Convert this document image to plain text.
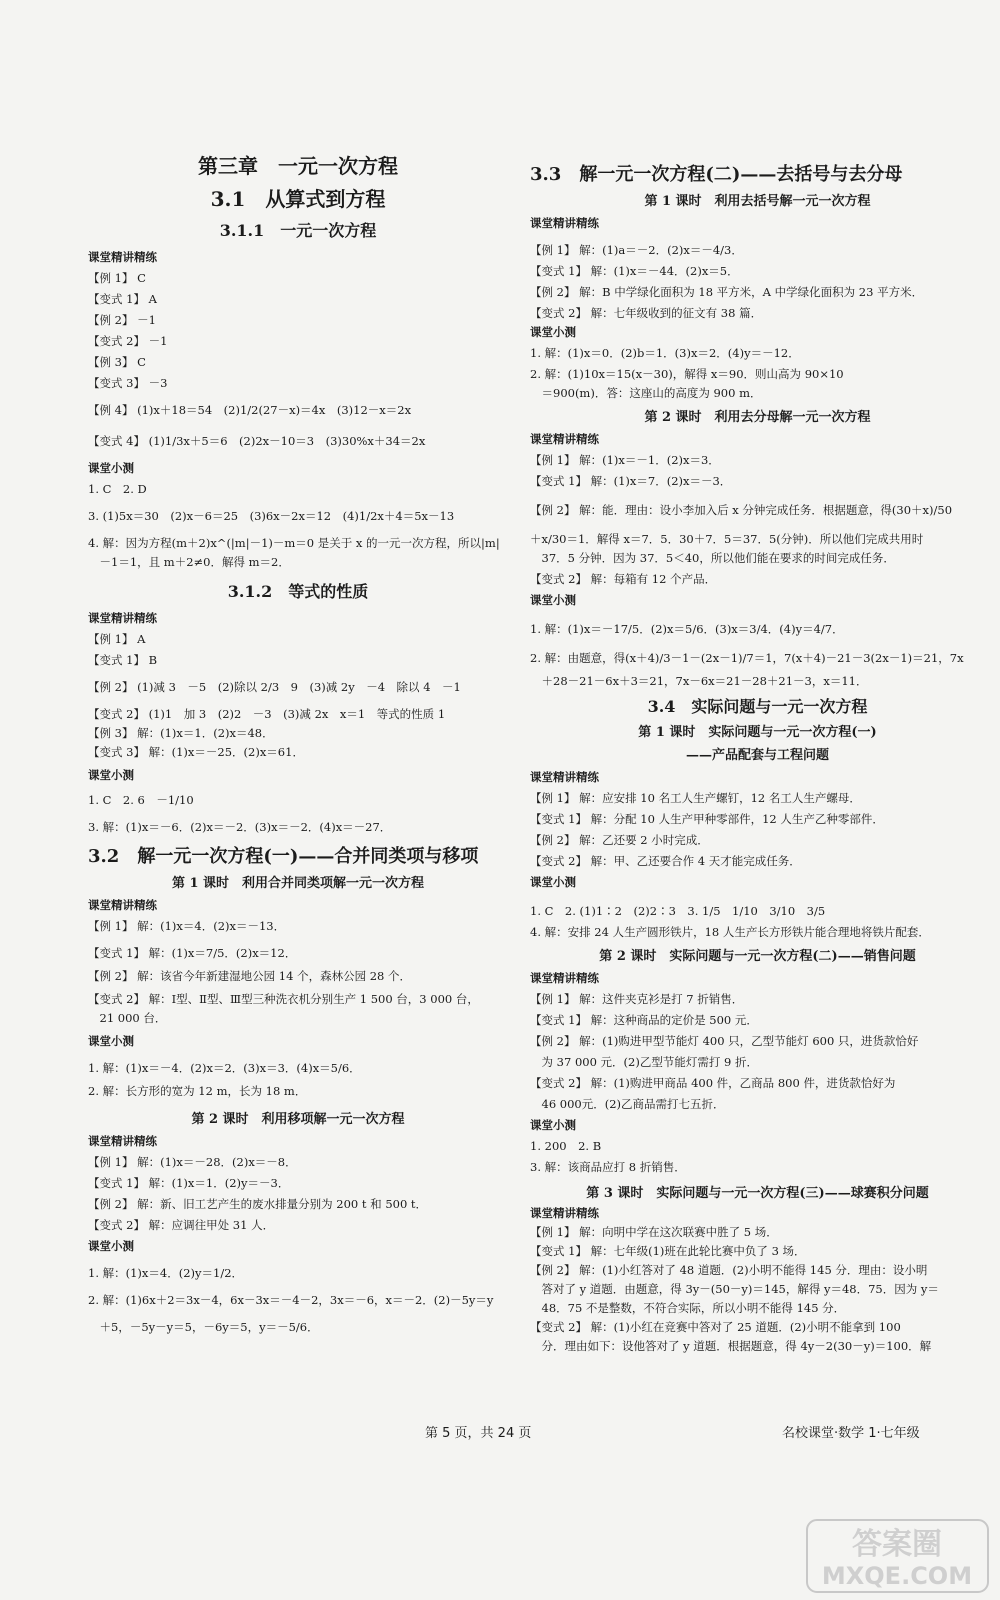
第三章　一元一次方程
3.1　从算式到方程
3.1.1　一元一次方程
课堂精讲精练
【例 1】 C
【变式 1】 A
【例 2】 －1
【变式 2】 －1
【例 3】 C
【变式 3】 －3
【例 4】 (1)x＋18＝54　(2)1/2(27－x)＝4x　(3)12－x＝2x
【变式 4】 (1)1/3x＋5＝6　(2)2x－10＝3　(3)30%x＋34＝2x
课堂小测
1. C　2. D
3. (1)5x＝30　(2)x－6＝25　(3)6x－2x＝12　(4)1/2x＋4＝5x－13
4. 解：因为方程(m＋2)x^(|m|－1)－m＝0 是关于 x 的一元一次方程，所以|m|
　－1＝1，且 m＋2≠0．解得 m＝2．
3.1.2　等式的性质
课堂精讲精练
【例 1】 A
【变式 1】 B
【例 2】 (1)减 3　－5　(2)除以 2/3　9　(3)减 2y　－4　除以 4　－1
【变式 2】 (1)1　加 3　(2)2　－3　(3)减 2x　x＝1　等式的性质 1
【例 3】 解：(1)x＝1．(2)x＝48．
【变式 3】 解：(1)x＝－25．(2)x＝61．
课堂小测
1. C　2. 6　－1/10
3. 解：(1)x＝－6．(2)x＝－2．(3)x＝－2．(4)x＝－27．
3.2　解一元一次方程(一)——合并同类项与移项
第 1 课时　利用合并同类项解一元一次方程
课堂精讲精练
【例 1】 解：(1)x＝4．(2)x＝－13．
【变式 1】 解：(1)x＝7/5．(2)x＝12．
【例 2】 解：该省今年新建湿地公园 14 个，森林公园 28 个．
【变式 2】 解：Ⅰ型、Ⅱ型、Ⅲ型三种洗衣机分别生产 1 500 台，3 000 台，
　21 000 台．
课堂小测
1. 解：(1)x＝－4．(2)x＝2．(3)x＝3．(4)x＝5/6．
2. 解：长方形的宽为 12 m，长为 18 m．
第 2 课时　利用移项解一元一次方程
课堂精讲精练
【例 1】 解：(1)x＝－28．(2)x＝－8．
【变式 1】 解：(1)x＝1．(2)y＝－3．
【例 2】 解：新、旧工艺产生的废水排量分别为 200 t 和 500 t．
【变式 2】 解：应调往甲处 31 人．
课堂小测
1. 解：(1)x＝4．(2)y＝1/2．
2. 解：(1)6x＋2＝3x－4，6x－3x＝－4－2，3x＝－6，x＝－2．(2)－5y＝y
　＋5，－5y－y＝5，－6y＝5，y＝－5/6．
3.3　解一元一次方程(二)——去括号与去分母
第 1 课时　利用去括号解一元一次方程
课堂精讲精练
【例 1】 解：(1)a＝－2．(2)x＝－4/3．
【变式 1】 解：(1)x＝－44．(2)x＝5．
【例 2】 解：B 中学绿化面积为 18 平方米，A 中学绿化面积为 23 平方米．
【变式 2】 解：七年级收到的征文有 38 篇．
课堂小测
1. 解：(1)x＝0．(2)b＝1．(3)x＝2．(4)y＝－12．
2. 解：(1)10x＝15(x－30)，解得 x＝90．则山高为 90×10
　＝900(m)．答：这座山的高度为 900 m．
第 2 课时　利用去分母解一元一次方程
课堂精讲精练
【例 1】 解：(1)x＝－1．(2)x＝3．
【变式 1】 解：(1)x＝7．(2)x＝－3．
【例 2】 解：能．理由：设小李加入后 x 分钟完成任务．根据题意，得(30＋x)/50
＋x/30＝1．解得 x＝7．5．30＋7．5＝37．5(分钟)．所以他们完成共用时
　37．5 分钟．因为 37．5＜40，所以他们能在要求的时间完成任务．
【变式 2】 解：每箱有 12 个产品．
课堂小测
1. 解：(1)x＝－17/5．(2)x＝5/6．(3)x＝3/4．(4)y＝4/7．
2. 解：由题意，得(x＋4)/3－1－(2x－1)/7＝1，7(x＋4)－21－3(2x－1)＝21，7x
　＋28－21－6x＋3＝21，7x－6x＝21－28＋21－3，x＝11．
3.4　实际问题与一元一次方程
第 1 课时　实际问题与一元一次方程(一)
——产品配套与工程问题
课堂精讲精练
【例 1】 解：应安排 10 名工人生产螺钉，12 名工人生产螺母．
【变式 1】 解：分配 10 人生产甲种零部件，12 人生产乙种零部件．
【例 2】 解：乙还要 2 小时完成．
【变式 2】 解：甲、乙还要合作 4 天才能完成任务．
课堂小测
1. C　2. (1)1∶2　(2)2∶3　3. 1/5　1/10　3/10　3/5
4. 解：安排 24 人生产圆形铁片，18 人生产长方形铁片能合理地将铁片配套．
第 2 课时　实际问题与一元一次方程(二)——销售问题
课堂精讲精练
【例 1】 解：这件夹克衫是打 7 折销售．
【变式 1】 解：这种商品的定价是 500 元．
【例 2】 解：(1)购进甲型节能灯 400 只，乙型节能灯 600 只，进货款恰好
　为 37 000 元．(2)乙型节能灯需打 9 折．
【变式 2】 解：(1)购进甲商品 400 件，乙商品 800 件，进货款恰好为
　46 000元．(2)乙商品需打七五折．
课堂小测
1. 200　2. B
3. 解：该商品应打 8 折销售．
第 3 课时　实际问题与一元一次方程(三)——球赛积分问题
课堂精讲精练
【例 1】 解：向明中学在这次联赛中胜了 5 场．
【变式 1】 解：七年级(1)班在此轮比赛中负了 3 场．
【例 2】 解：(1)小红答对了 48 道题．(2)小明不能得 145 分．理由：设小明
　答对了 y 道题．由题意，得 3y－(50－y)＝145，解得 y＝48．75．因为 y＝
　48．75 不是整数，不符合实际，所以小明不能得 145 分．
【变式 2】 解：(1)小红在竞赛中答对了 25 道题．(2)小明不能拿到 100
　分．理由如下：设他答对了 y 道题．根据题意，得 4y－2(30－y)＝100．解
第 5 页，共 24 页	名校课堂·数学 1·七年级
答案圈
MXQE.COM
